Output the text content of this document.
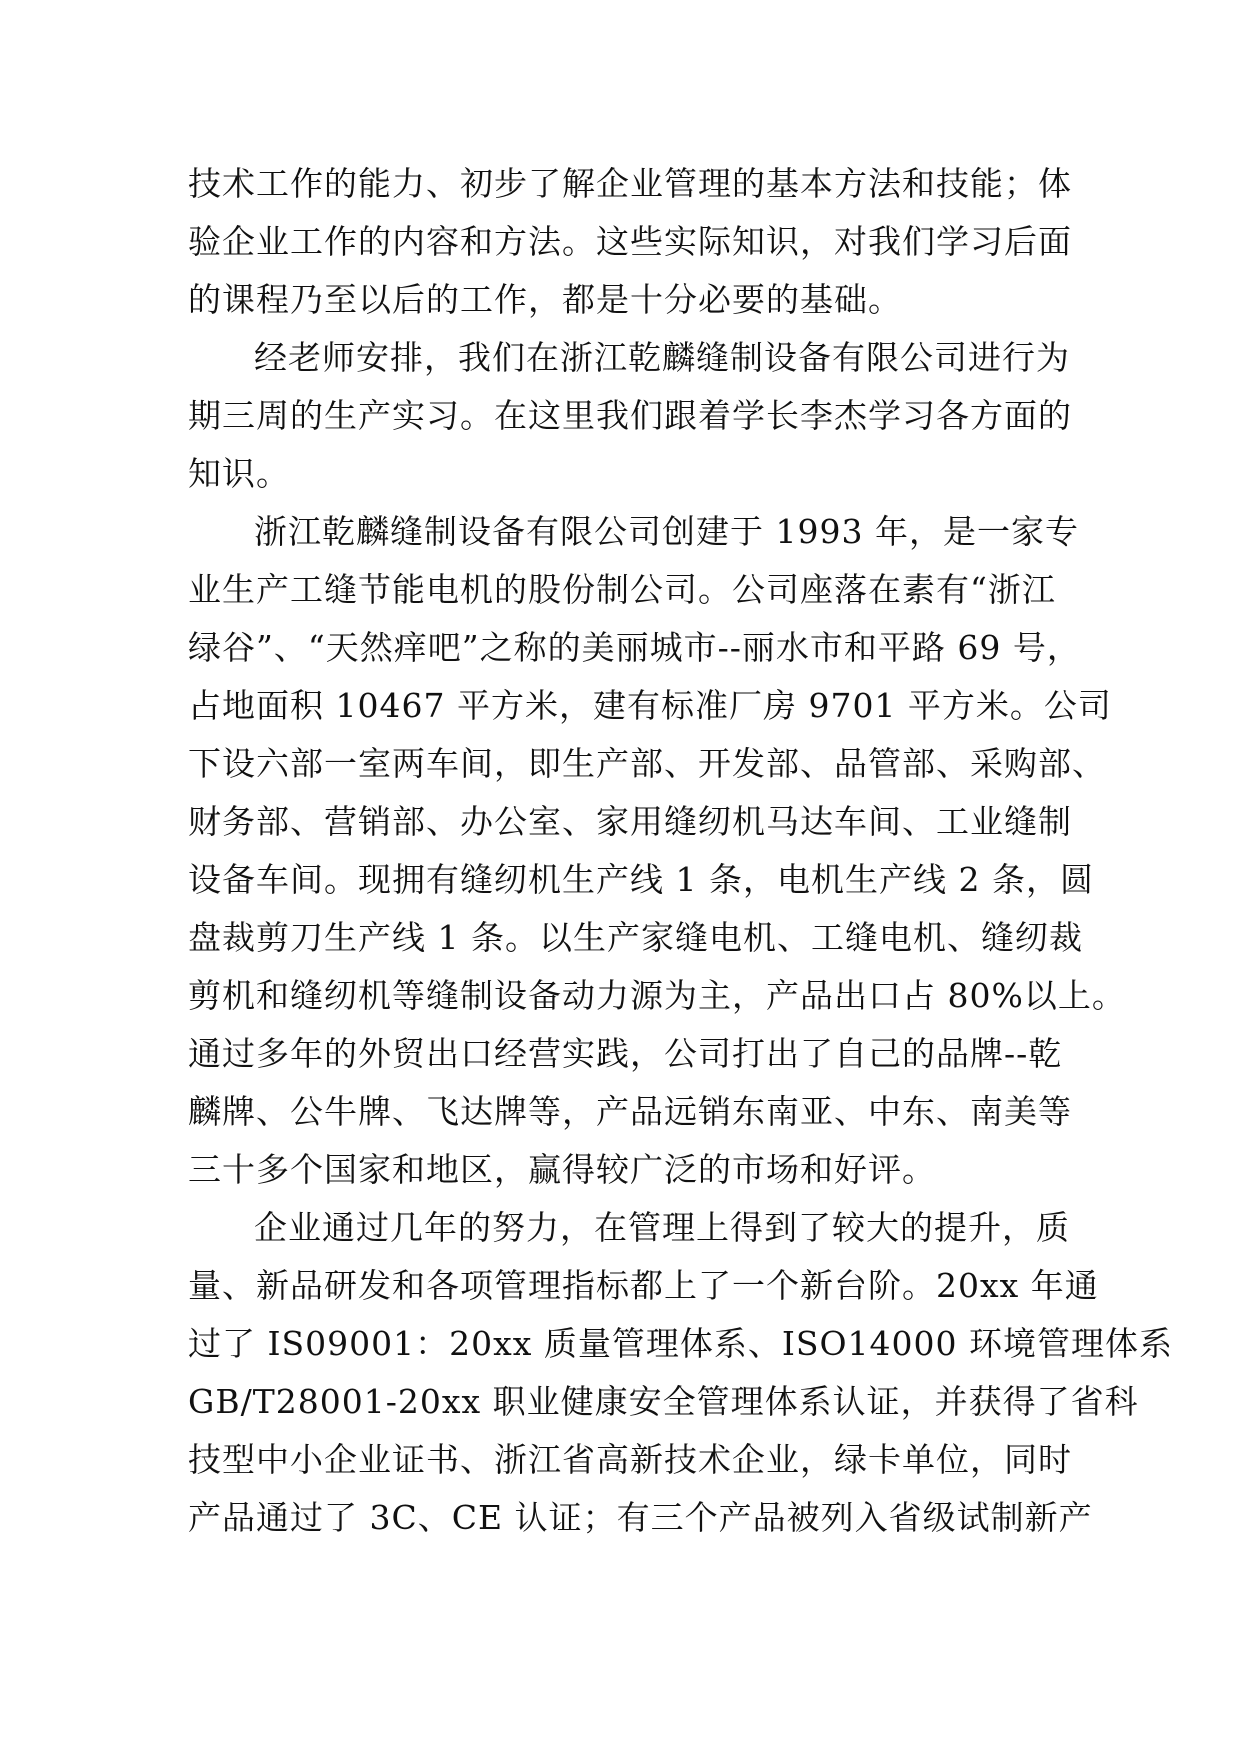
技术工作的能力、初步了解企业管理的基本方法和技能；体
验企业工作的内容和方法。这些实际知识，对我们学习后面
的课程乃至以后的工作，都是十分必要的基础。
经老师安排，我们在浙江乾麟缝制设备有限公司进行为
期三周的生产实习。在这里我们跟着学长李杰学习各方面的
知识。
浙江乾麟缝制设备有限公司创建于 1993 年，是一家专
业生产工缝节能电机的股份制公司。公司座落在素有“浙江
绿谷”、“天然痒吧”之称的美丽城市--丽水市和平路 69 号，
占地面积 10467 平方米，建有标准厂房 9701 平方米。公司
下设六部一室两车间，即生产部、开发部、品管部、采购部、
财务部、营销部、办公室、家用缝纫机马达车间、工业缝制
设备车间。现拥有缝纫机生产线 1 条，电机生产线 2 条，圆
盘裁剪刀生产线 1 条。以生产家缝电机、工缝电机、缝纫裁
剪机和缝纫机等缝制设备动力源为主，产品出口占 80%以上。
通过多年的外贸出口经营实践，公司打出了自己的品牌--乾
麟牌、公牛牌、飞达牌等，产品远销东南亚、中东、南美等
三十多个国家和地区，赢得较广泛的市场和好评。
企业通过几年的努力，在管理上得到了较大的提升，质
量、新品研发和各项管理指标都上了一个新台阶。20xx 年通
过了 IS09001：20xx 质量管理体系、ISO14000 环境管理体系
GB/T28001-20xx 职业健康安全管理体系认证，并获得了省科
技型中小企业证书、浙江省高新技术企业，绿卡单位，同时
产品通过了 3C、CE 认证；有三个产品被列入省级试制新产
